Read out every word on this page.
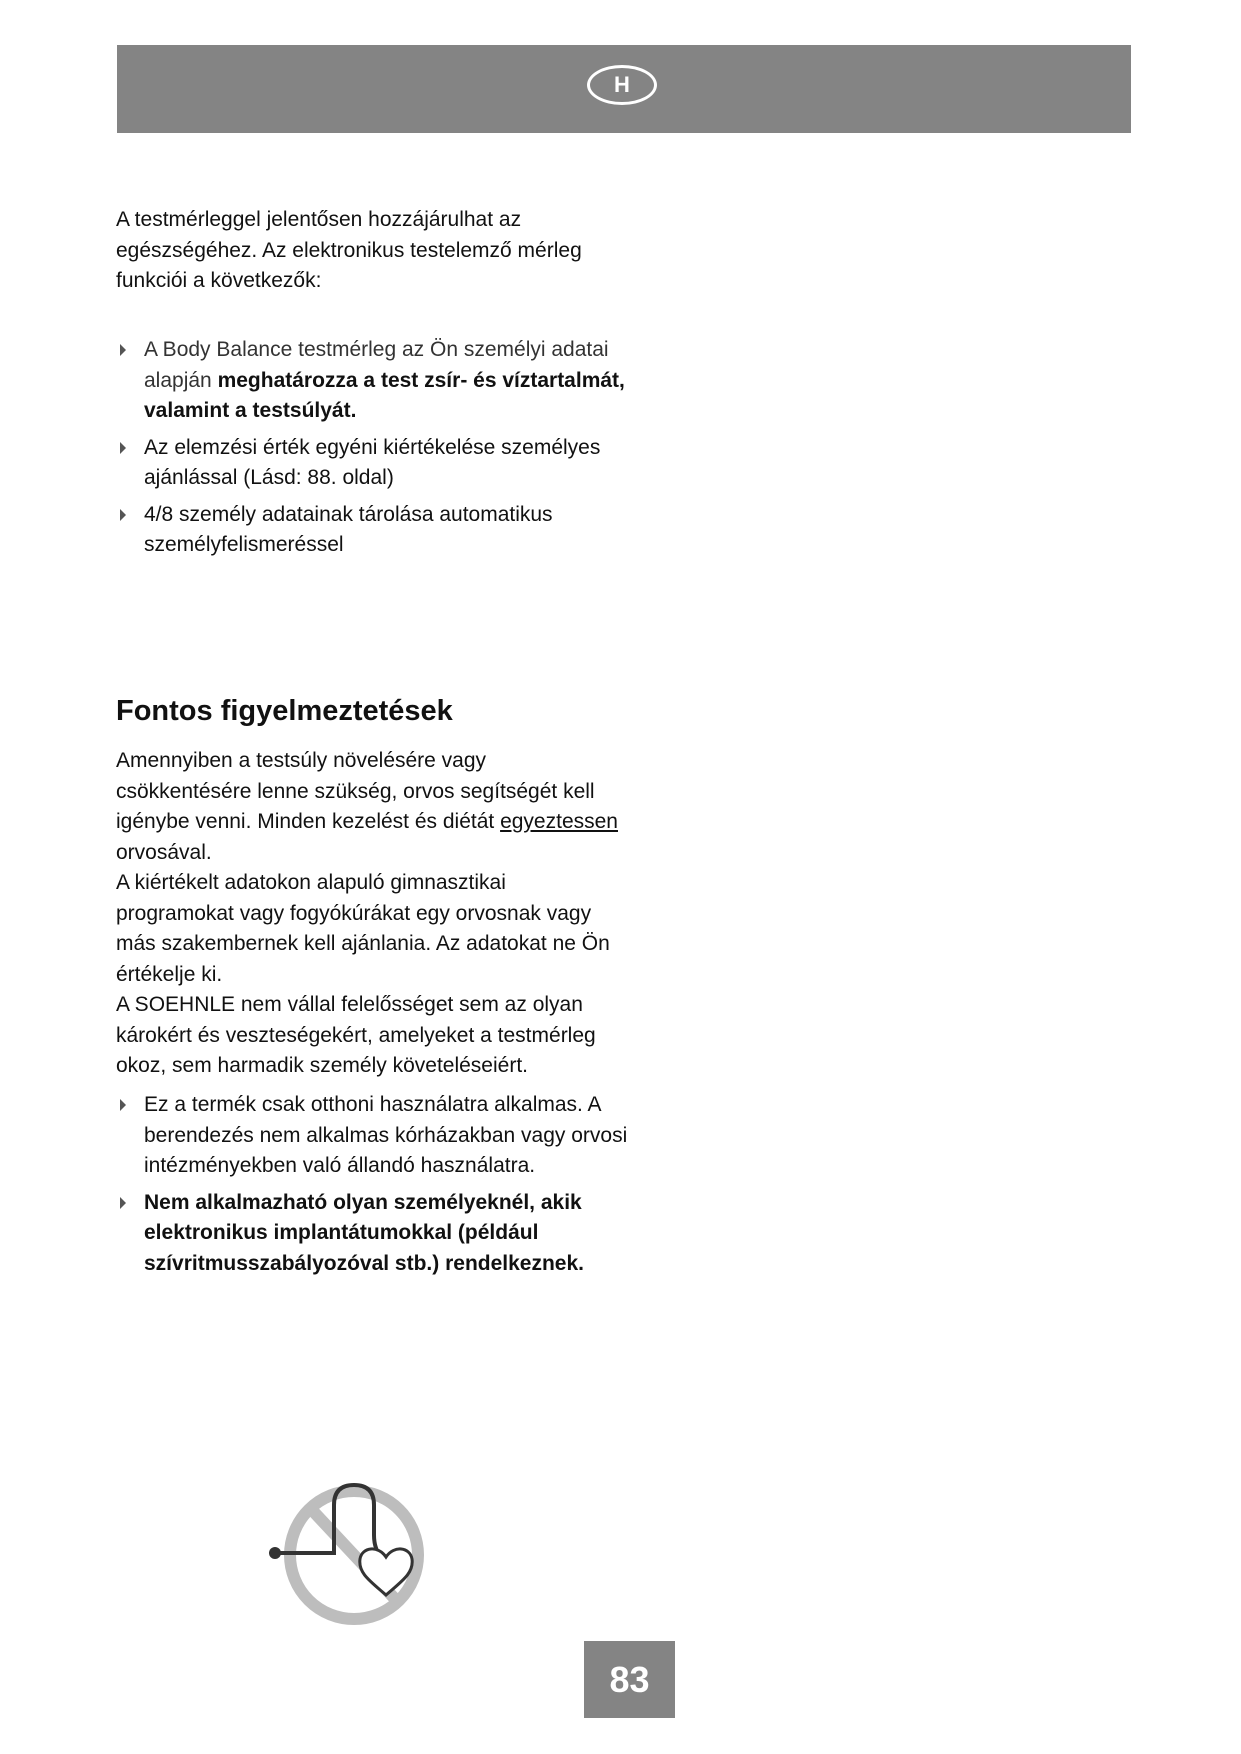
H
A testmérleggel jelentősen hozzájárulhat az egészségéhez. Az elektronikus testelemző mérleg funkciói a következők:
A Body Balance testmérleg az Ön személyi adatai alapján meghatározza a test zsír- és víztartalmát, valamint a testsúlyát.
Az elemzési érték egyéni kiértékelése személyes ajánlással (Lásd: 88. oldal)
4/8 személy adatainak tárolása automatikus személyfelismeréssel
Fontos figyelmeztetések

Amennyiben a testsúly növelésére vagy csökkentésére lenne szükség, orvos segítségét kell igénybe venni. Minden kezelést és diétát egyeztessen orvosával.

A kiértékelt adatokon alapuló gimnasztikai programokat vagy fogyókúrákat egy orvosnak vagy más szakembernek kell ajánlania. Az adatokat ne Ön értékelje ki.

A SOEHNLE nem vállal felelősséget sem az olyan károkért és veszteségekért, amelyeket a testmérleg okoz, sem harmadik személy követeléseiért.

Ez a termék csak otthoni használatra alkalmas. A berendezés nem alkalmas kórházakban vagy orvosi intézményekben való állandó használatra.
Nem alkalmazható olyan személyeknél, akik elektronikus implantátumokkal (például szívritmusszabályozóval stb.) rendelkeznek.
83
